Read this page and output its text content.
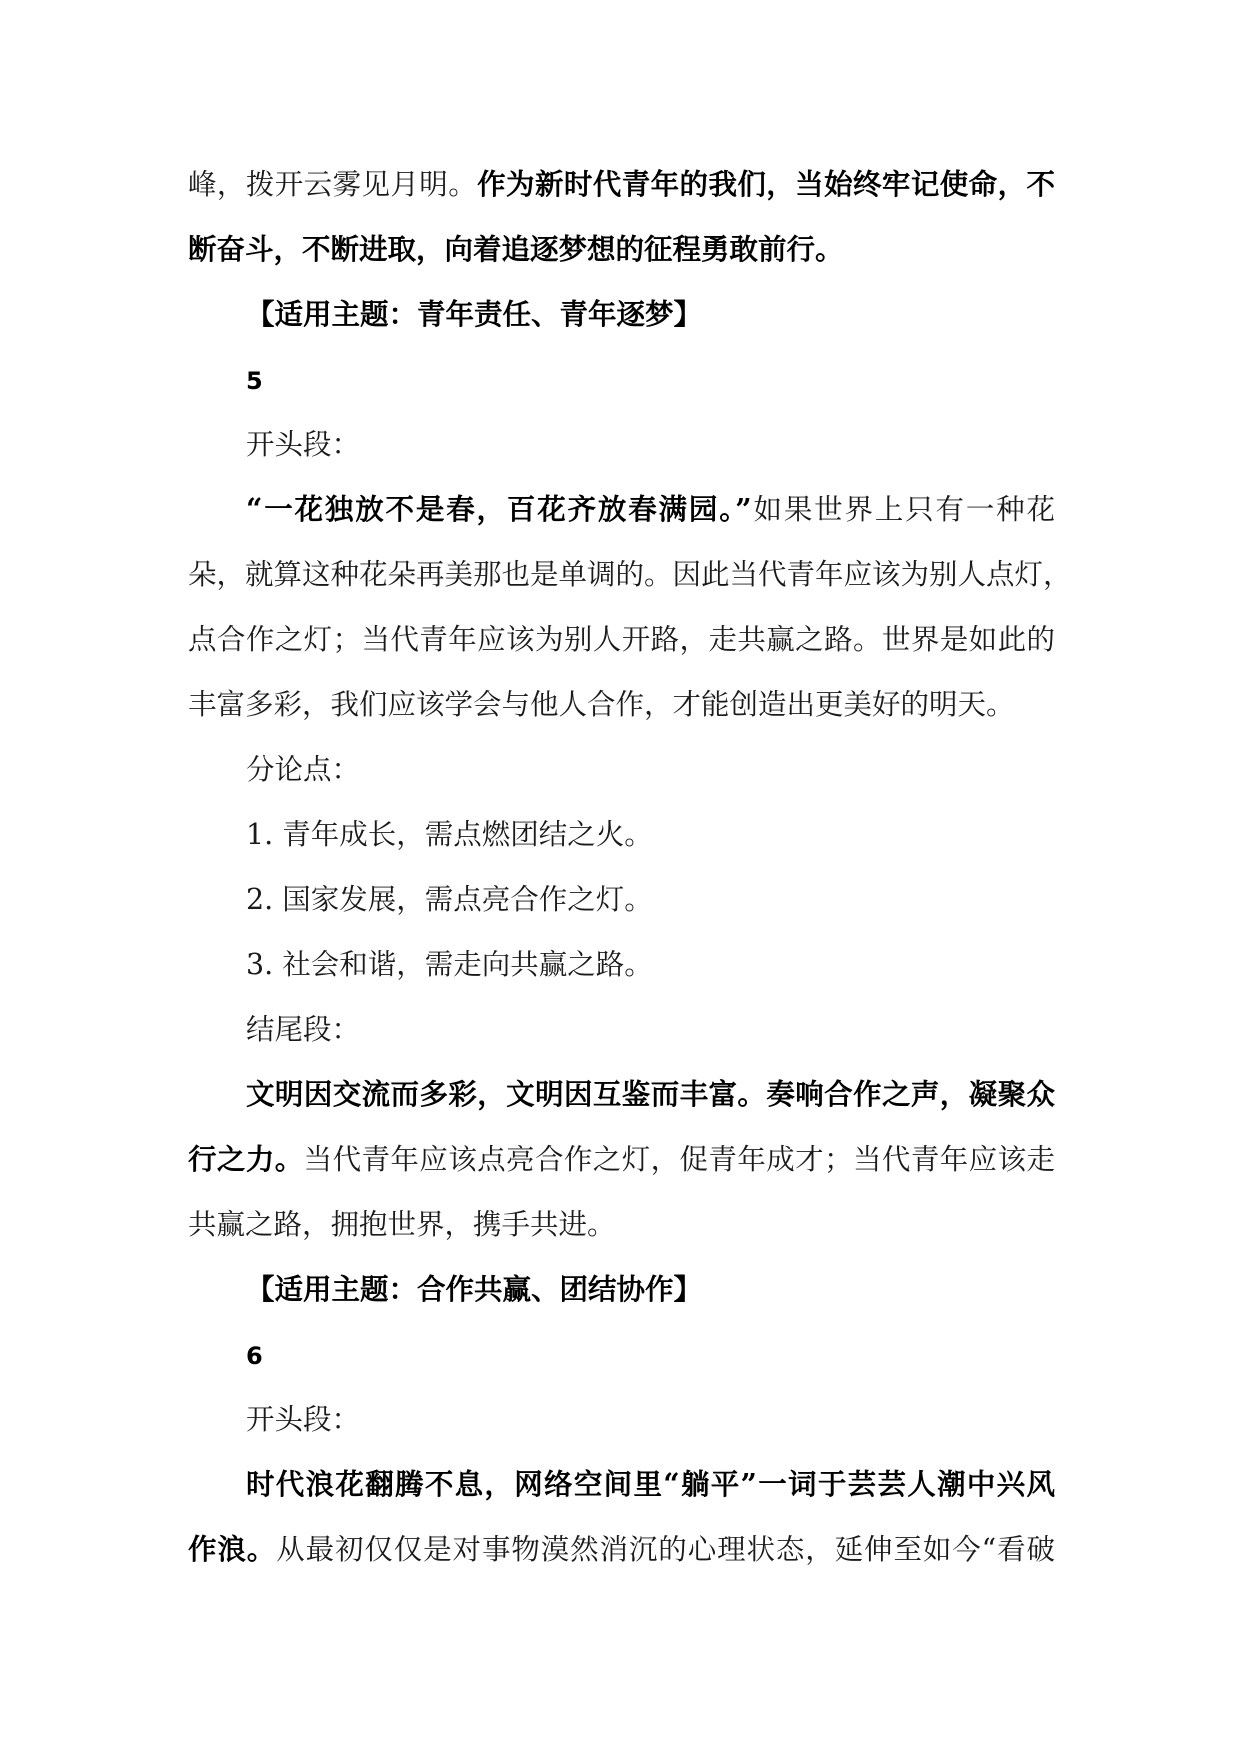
峰，拨开云雾见月明。作为新时代青年的我们，当始终牢记使命，不
断奋斗，不断进取，向着追逐梦想的征程勇敢前行。
【适用主题：青年责任、青年逐梦】
5
开头段：
“一花独放不是春，百花齐放春满园。”如果世界上只有一种花
朵，就算这种花朵再美那也是单调的。因此当代青年应该为别人点灯，
点合作之灯；当代青年应该为别人开路，走共赢之路。世界是如此的
丰富多彩，我们应该学会与他人合作，才能创造出更美好的明天。
分论点：
1. 青年成长，需点燃团结之火。
2. 国家发展，需点亮合作之灯。
3. 社会和谐，需走向共赢之路。
结尾段：
文明因交流而多彩，文明因互鉴而丰富。奏响合作之声，凝聚众
行之力。当代青年应该点亮合作之灯，促青年成才；当代青年应该走
共赢之路，拥抱世界，携手共进。
【适用主题：合作共赢、团结协作】
6
开头段：
时代浪花翻腾不息，网络空间里“躺平”一词于芸芸人潮中兴风
作浪。从最初仅仅是对事物漠然消沉的心理状态，延伸至如今“看破
